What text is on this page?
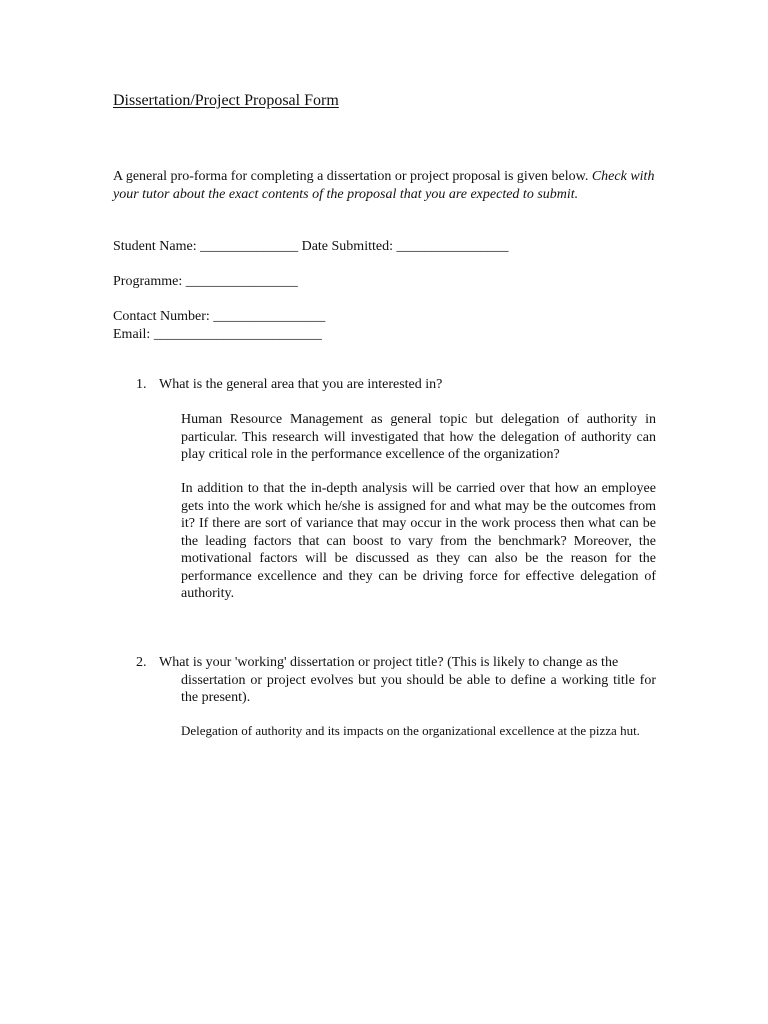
Dissertation/Project Proposal Form
A general pro-forma for completing a dissertation or project proposal is given below. Check with your tutor about the exact contents of the proposal that you are expected to submit.
Student Name: ______________ Date Submitted: ________________
Programme: ________________
Contact Number: ________________
Email: ________________________
1. What is the general area that you are interested in?
Human Resource Management as general topic but delegation of authority in particular. This research will investigated that how the delegation of authority can play critical role in the performance excellence of the organization?
In addition to that the in-depth analysis will be carried over that how an employee gets into the work which he/she is assigned for and what may be the outcomes from it? If there are sort of variance that may occur in the work process then what can be the leading factors that can boost to vary from the benchmark? Moreover, the motivational factors will be discussed as they can also be the reason for the performance excellence and they can be driving force for effective delegation of authority.
2. What is your 'working' dissertation or project title? (This is likely to change as the
dissertation or project evolves but you should be able to define a working title for the present).
Delegation of authority and its impacts on the organizational excellence at the pizza hut.
